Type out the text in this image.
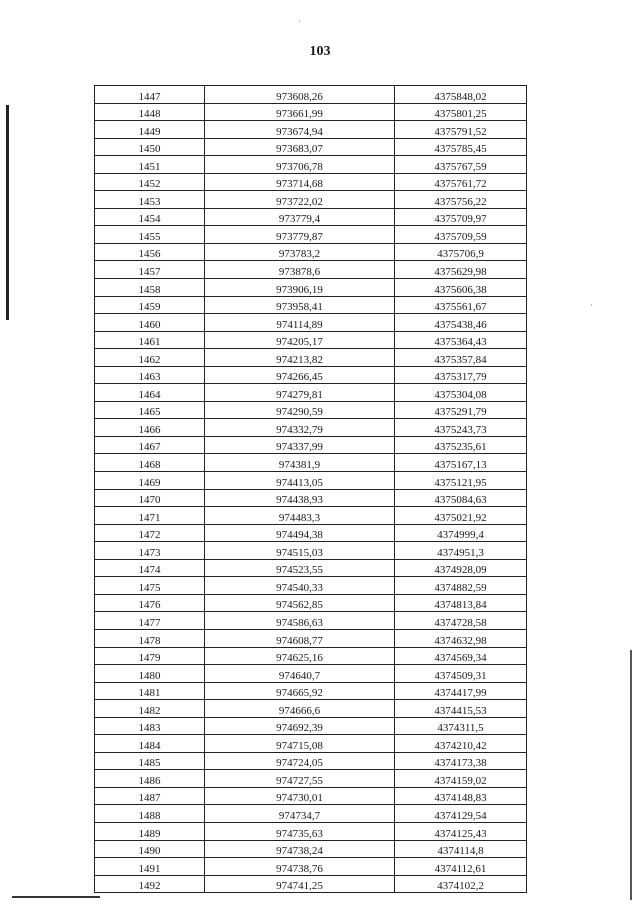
103
·
·
1447	973608,26	4375848,02
1448	973661,99	4375801,25
1449	973674,94	4375791,52
1450	973683,07	4375785,45
1451	973706,78	4375767,59
1452	973714,68	4375761,72
1453	973722,02	4375756,22
1454	973779,4	4375709,97
1455	973779,87	4375709,59
1456	973783,2	4375706,9
1457	973878,6	4375629,98
1458	973906,19	4375606,38
1459	973958,41	4375561,67
1460	974114,89	4375438,46
1461	974205,17	4375364,43
1462	974213,82	4375357,84
1463	974266,45	4375317,79
1464	974279,81	4375304,08
1465	974290,59	4375291,79
1466	974332,79	4375243,73
1467	974337,99	4375235,61
1468	974381,9	4375167,13
1469	974413,05	4375121,95
1470	974438,93	4375084,63
1471	974483,3	4375021,92
1472	974494,38	4374999,4
1473	974515,03	4374951,3
1474	974523,55	4374928,09
1475	974540,33	4374882,59
1476	974562,85	4374813,84
1477	974586,63	4374728,58
1478	974608,77	4374632,98
1479	974625,16	4374569,34
1480	974640,7	4374509,31
1481	974665,92	4374417,99
1482	974666,6	4374415,53
1483	974692,39	4374311,5
1484	974715,08	4374210,42
1485	974724,05	4374173,38
1486	974727,55	4374159,02
1487	974730,01	4374148,83
1488	974734,7	4374129,54
1489	974735,63	4374125,43
1490	974738,24	4374114,8
1491	974738,76	4374112,61
1492	974741,25	4374102,2
